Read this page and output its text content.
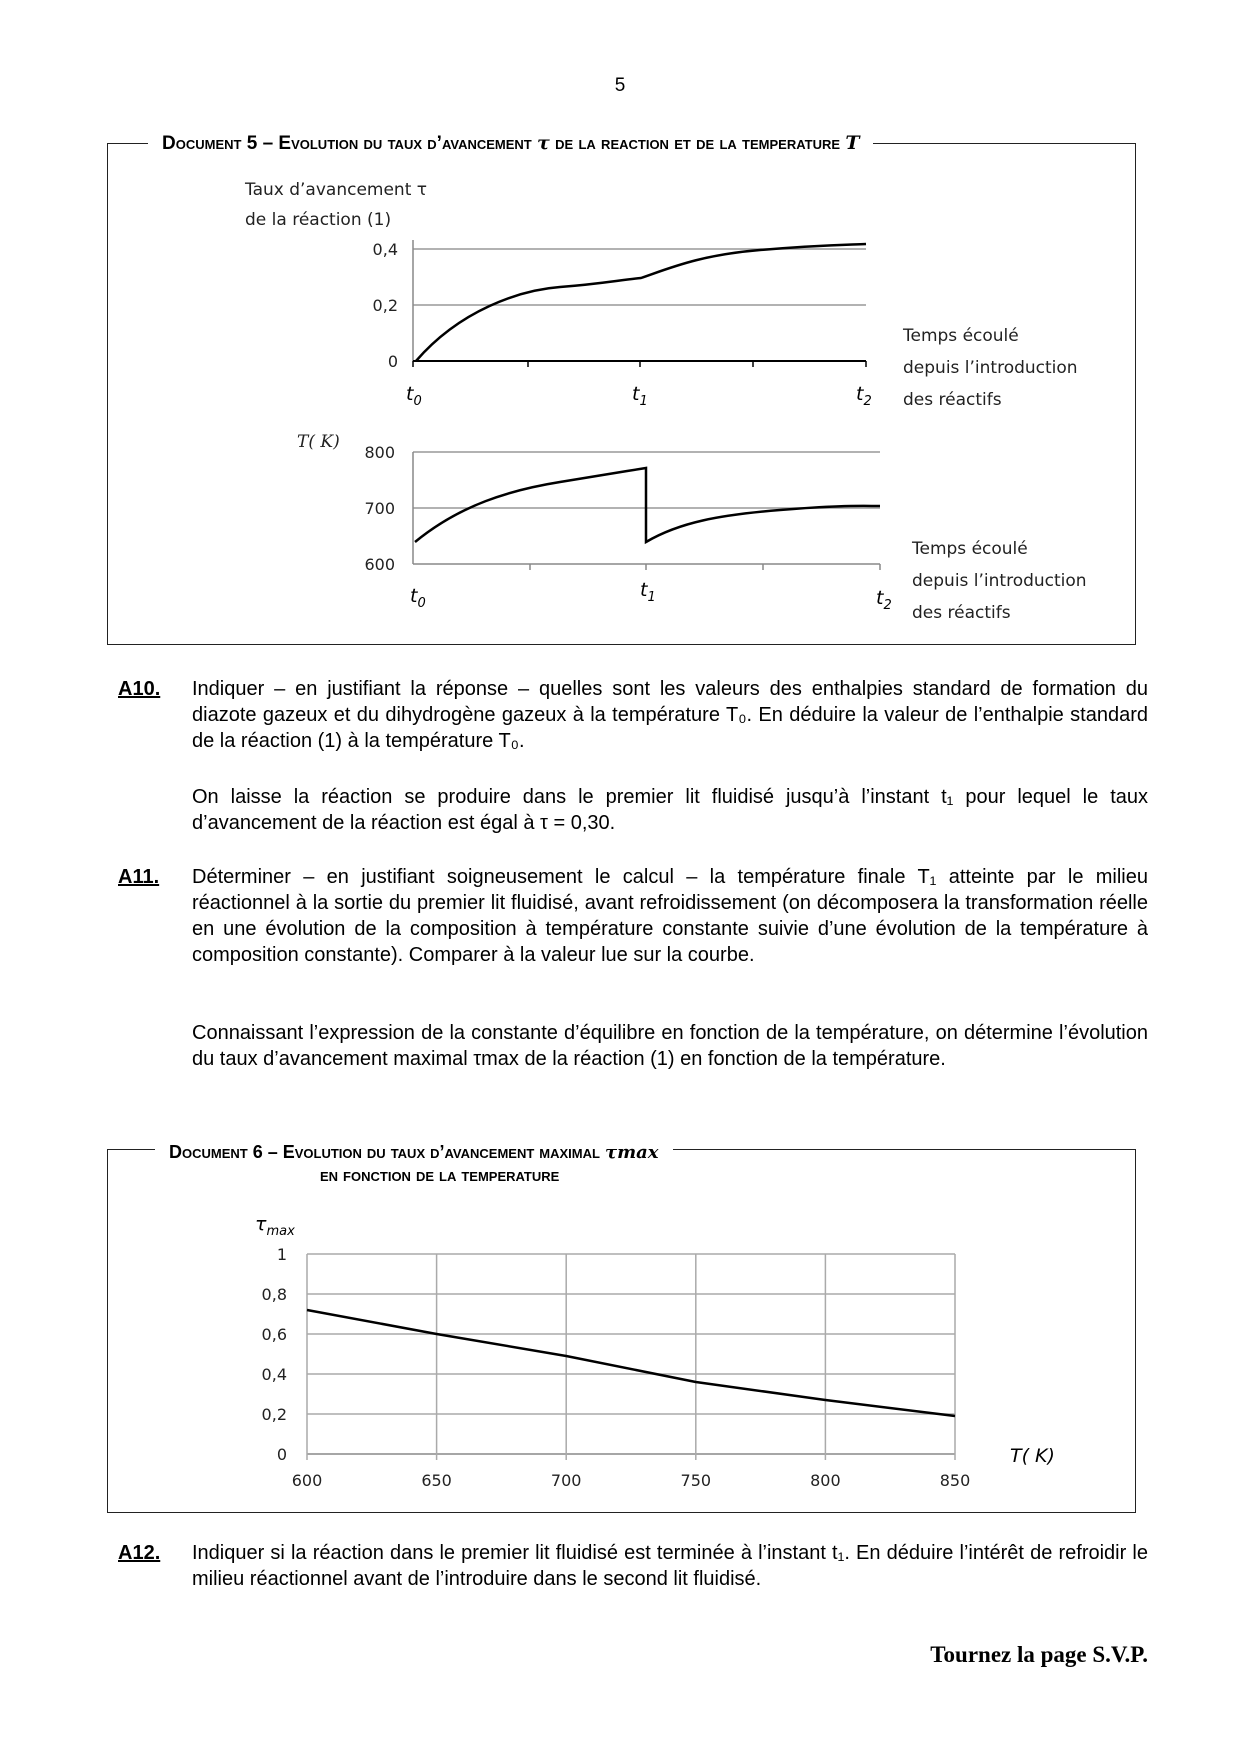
5
Document 5 – Evolution du taux d’avancement τ de la reaction et de la temperature T
Taux d’avancement τ
de la réaction (1)
T( K)
Temps écoulé
depuis l’introduction
des réactifs
Temps écoulé
depuis l’introduction
des réactifs
0,4
0,2
0
$t_0$	$t_1$	$t_2$
800
700
600
$t_0$
$t_1$	$t_2$
A10. Indiquer – en justifiant la réponse – quelles sont les valeurs des enthalpies standard de formation du diazote gazeux et du dihydrogène gazeux à la température T₀. En déduire la valeur de l’enthalpie standard de la réaction (1) à la température T₀.
On laisse la réaction se produire dans le premier lit fluidisé jusqu’à l’instant t₁ pour lequel le taux d’avancement de la réaction est égal à τ = 0,30.
A11. Déterminer – en justifiant soigneusement le calcul – la température finale T₁ atteinte par le milieu réactionnel à la sortie du premier lit fluidisé, avant refroidissement (on décomposera la transformation réelle en une évolution de la composition à température constante suivie d’une évolution de la température à composition constante). Comparer à la valeur lue sur la courbe.
Connaissant l’expression de la constante d’équilibre en fonction de la température, on détermine l’évolution du taux d’avancement maximal τmax de la réaction (1) en fonction de la température.
Document 6 – Evolution du taux d’avancement maximal τmax
en fonction de la temperature
$\tau_{max}$
T( K)
0
0,2
0,4
0,6
0,8
1
600	650	700	750	800	850
A12. Indiquer si la réaction dans le premier lit fluidisé est terminée à l’instant t₁. En déduire l’intérêt de refroidir le milieu réactionnel avant de l’introduire dans le second lit fluidisé.
Tournez la page S.V.P.
